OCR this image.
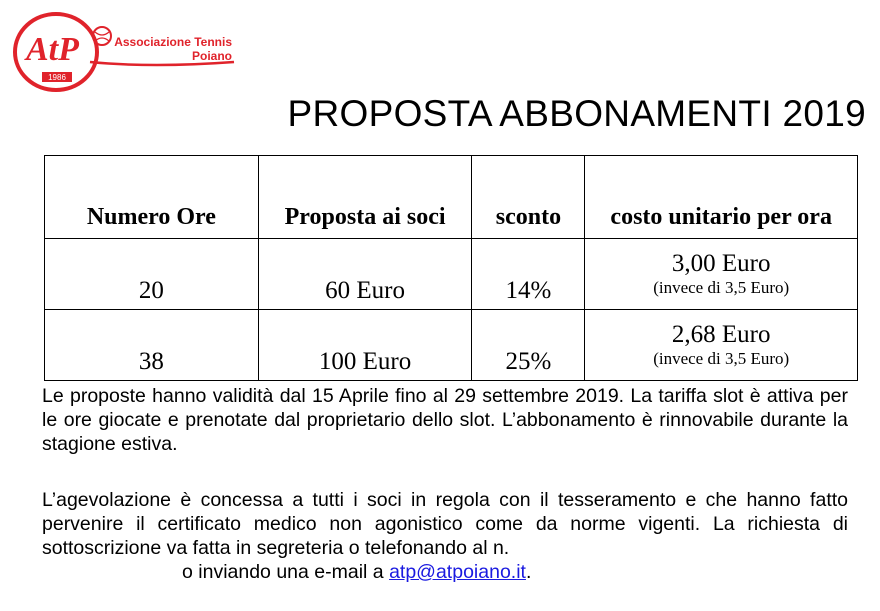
AtP
1986
Associazione Tennis
Poiano
PROPOSTA ABBONAMENTI 2019
Numero Ore	Proposta ai soci	sconto	costo unitario per ora
20	60 Euro	14%	3,00 Euro
(invece di 3,5 Euro)

38	100 Euro	25%	2,68 Euro
(invece di 3,5 Euro)
Le proposte hanno validità dal 15 Aprile fino al 29 settembre 2019. La tariffa slot è attiva per le ore giocate e prenotate dal proprietario dello slot. L’abbonamento è rinnovabile durante la stagione estiva.
L’agevolazione è concessa a tutti i soci in regola con il tesseramento e che hanno fatto pervenire il certificato medico non agonistico come da norme vigenti. La richiesta di sottoscrizione va fatta in segreteria o telefonando al n.
o inviando una e-mail a atp@atpoiano.it.
